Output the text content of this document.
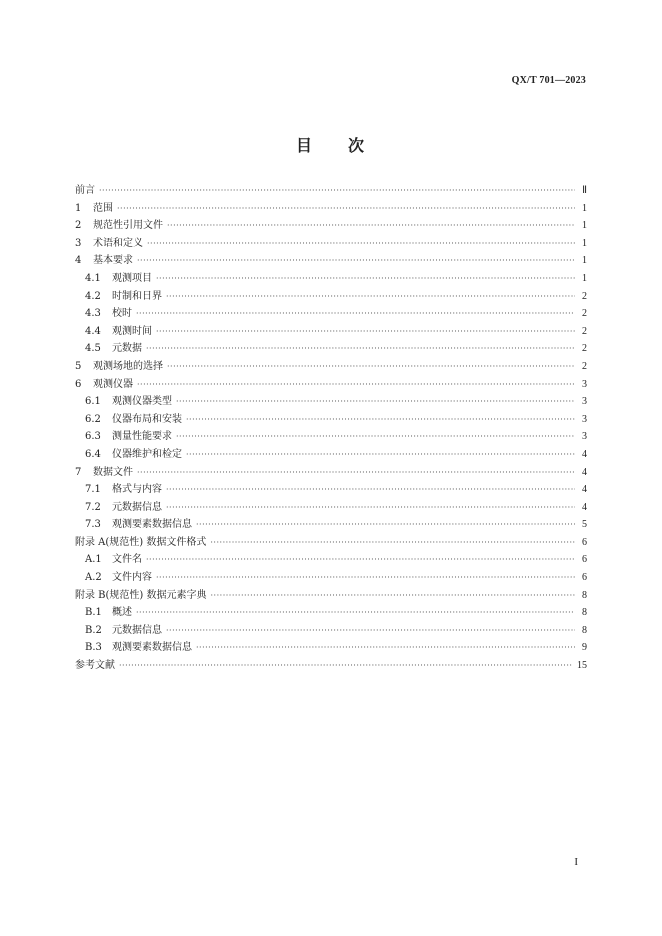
QX/T 701—2023
目 次
前言 ·····	Ⅱ
1 范围 ·····	1
2 规范性引用文件 ·····	1
3 术语和定义 ·····	1
4 基本要求 ·····	1
4.1 观测项目 ·····	1
4.2 时制和日界 ·····	2
4.3 校时 ·····	2
4.4 观测时间 ·····	2
4.5 元数据 ·····	2
5 观测场地的选择 ·····	2
6 观测仪器 ·····	3
6.1 观测仪器类型 ·····	3
6.2 仪器布局和安装 ·····	3
6.3 测量性能要求 ·····	3
6.4 仪器维护和检定 ·····	4
7 数据文件 ·····	4
7.1 格式与内容 ·····	4
7.2 元数据信息 ·····	4
7.3 观测要素数据信息 ·····	5
附录 A(规范性) 数据文件格式 ·····	6
A.1 文件名 ·····	6
A.2 文件内容 ·····	6
附录 B(规范性) 数据元素字典 ·····	8
B.1 概述 ·····	8
B.2 元数据信息 ·····	8
B.3 观测要素数据信息 ·····	9
参考文献 ·····	15
I
